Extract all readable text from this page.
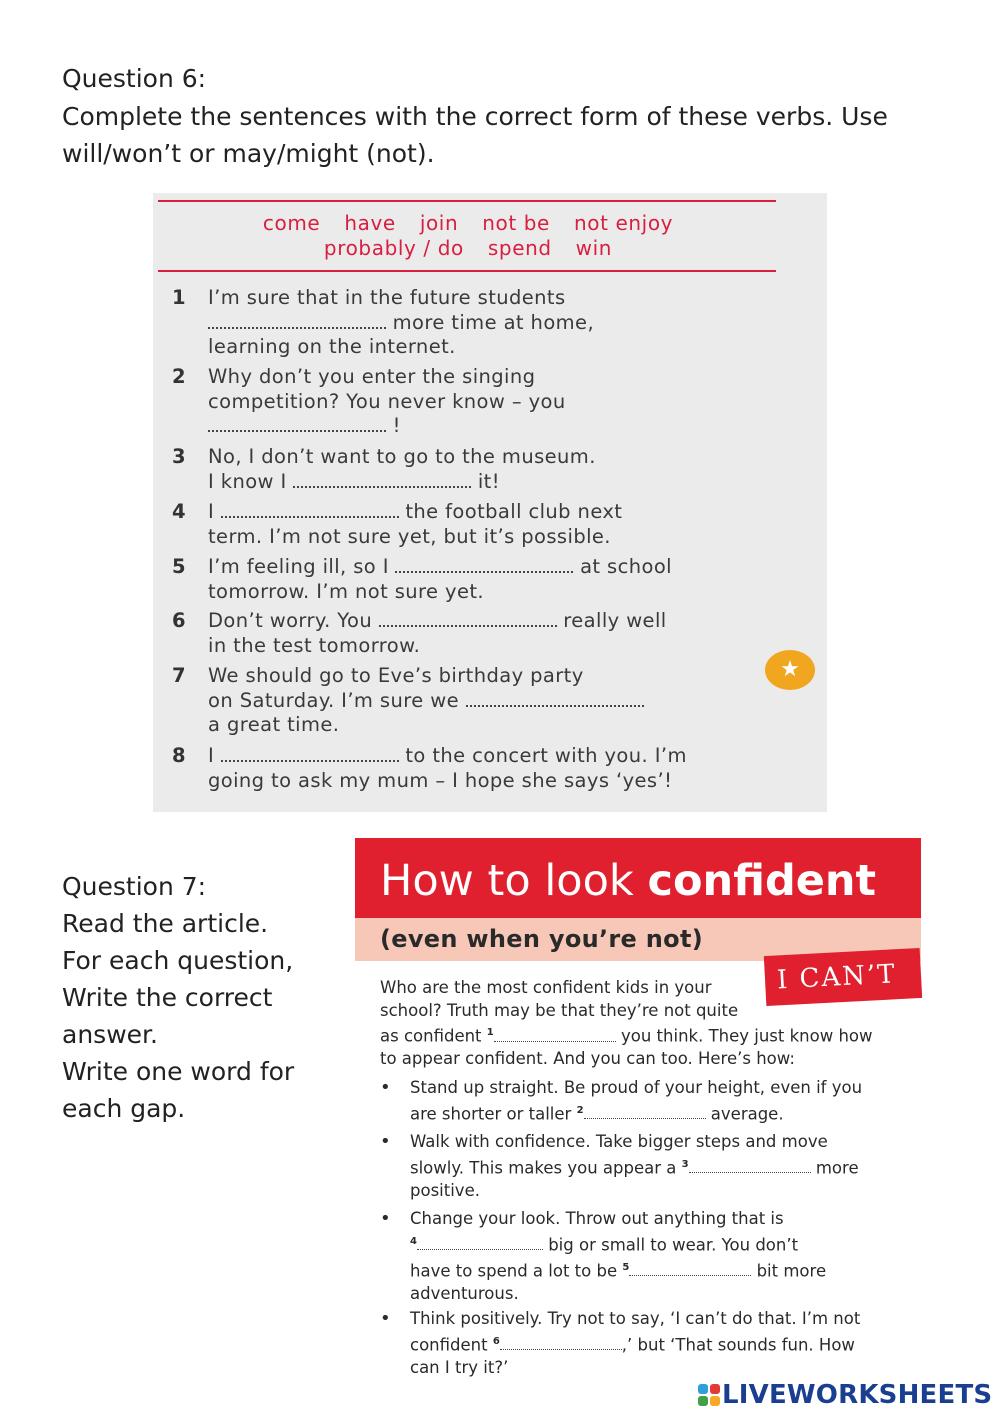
Question 6:
Complete the sentences with the correct form of these verbs. Use will/won’t or may/might (not).
come have join not be not enjoy
probably / do spend win
1 I’m sure that in the future students
more time at home,
learning on the internet.
2 Why don’t you enter the singing
competition? You never know – you
!
3 No, I don’t want to go to the museum.
I know I	it!
4 I	the football club next
term. I’m not sure yet, but it’s possible.
5 I’m feeling ill, so I	at school
tomorrow. I’m not sure yet.
6 Don’t worry. You	really well
in the test tomorrow.
7 We should go to Eve’s birthday party
on Saturday. I’m sure we
a great time.
8 I	to the concert with you. I’m
going to ask my mum – I hope she says ‘yes’!
★
Question 7:
Read the article.
For each question,
Write the correct
answer.
Write one word for
each gap.
How to look confident
(even when you’re not)
I CAN’T
Who are the most confident kids in your
school? Truth may be that they’re not quite
as confident $^1$	you think. They just know how
to appear confident. And you can too. Here’s how:
• Stand up straight. Be proud of your height, even if you
are shorter or taller $^2$	average.
• Walk with confidence. Take bigger steps and move
slowly. This makes you appear a $^3$	more
positive.
• Change your look. Throw out anything that is
$^4$	big or small to wear. You don’t
have to spend a lot to be $^5$	bit more
adventurous.
• Think positively. Try not to say, ‘I can’t do that. I’m not
confident $^6$	,’ but ‘That sounds fun. How
can I try it?’
LIVEWORKSHEETS
